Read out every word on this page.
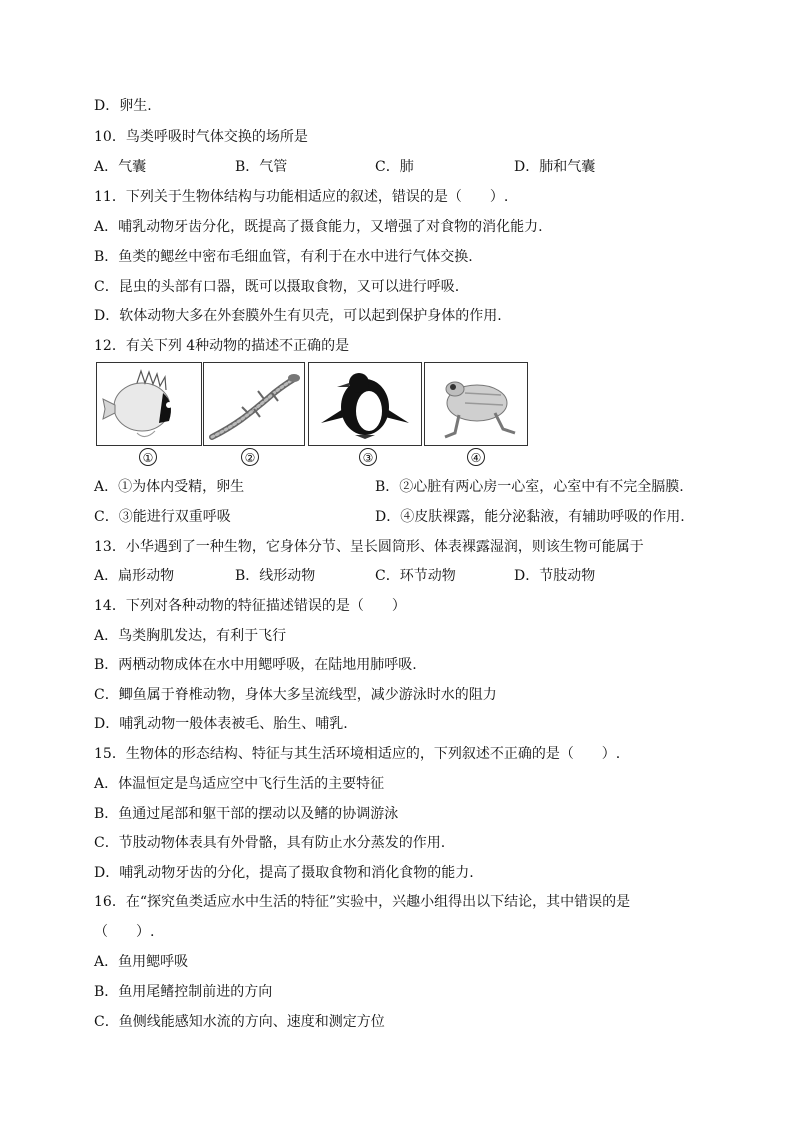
D．卵生.
10．鸟类呼吸时气体交换的场所是
A．气囊	B．气管	C．肺	D．肺和气囊
11．下列关于生物体结构与功能相适应的叙述，错误的是（　　）.
A．哺乳动物牙齿分化，既提高了摄食能力，又增强了对食物的消化能力.
B．鱼类的鳃丝中密布毛细血管，有利于在水中进行气体交换.
C．昆虫的头部有口器，既可以摄取食物，又可以进行呼吸.
D．软体动物大多在外套膜外生有贝壳，可以起到保护身体的作用.
12．有关下列 4种动物的描述不正确的是
①	②	③	④
A．①为体内受精，卵生	B．②心脏有两心房一心室，心室中有不完全膈膜.
C．③能进行双重呼吸	D．④皮肤裸露，能分泌黏液，有辅助呼吸的作用.
13．小华遇到了一种生物，它身体分节、呈长圆筒形、体表裸露湿润，则该生物可能属于
A．扁形动物	B．线形动物	C．环节动物	D．节肢动物
14．下列对各种动物的特征描述错误的是（　　）
A．鸟类胸肌发达，有利于飞行
B．两栖动物成体在水中用鳃呼吸，在陆地用肺呼吸.
C．鲫鱼属于脊椎动物，身体大多呈流线型，减少游泳时水的阻力
D．哺乳动物一般体表被毛、胎生、哺乳.
15．生物体的形态结构、特征与其生活环境相适应的，下列叙述不正确的是（　　）.
A．体温恒定是鸟适应空中飞行生活的主要特征
B．鱼通过尾部和躯干部的摆动以及鳍的协调游泳
C．节肢动物体表具有外骨骼，具有防止水分蒸发的作用.
D．哺乳动物牙齿的分化，提高了摄取食物和消化食物的能力.
16．在“探究鱼类适应水中生活的特征”实验中，兴趣小组得出以下结论，其中错误的是
（　　）.
A．鱼用鳃呼吸
B．鱼用尾鳍控制前进的方向
C．鱼侧线能感知水流的方向、速度和测定方位
